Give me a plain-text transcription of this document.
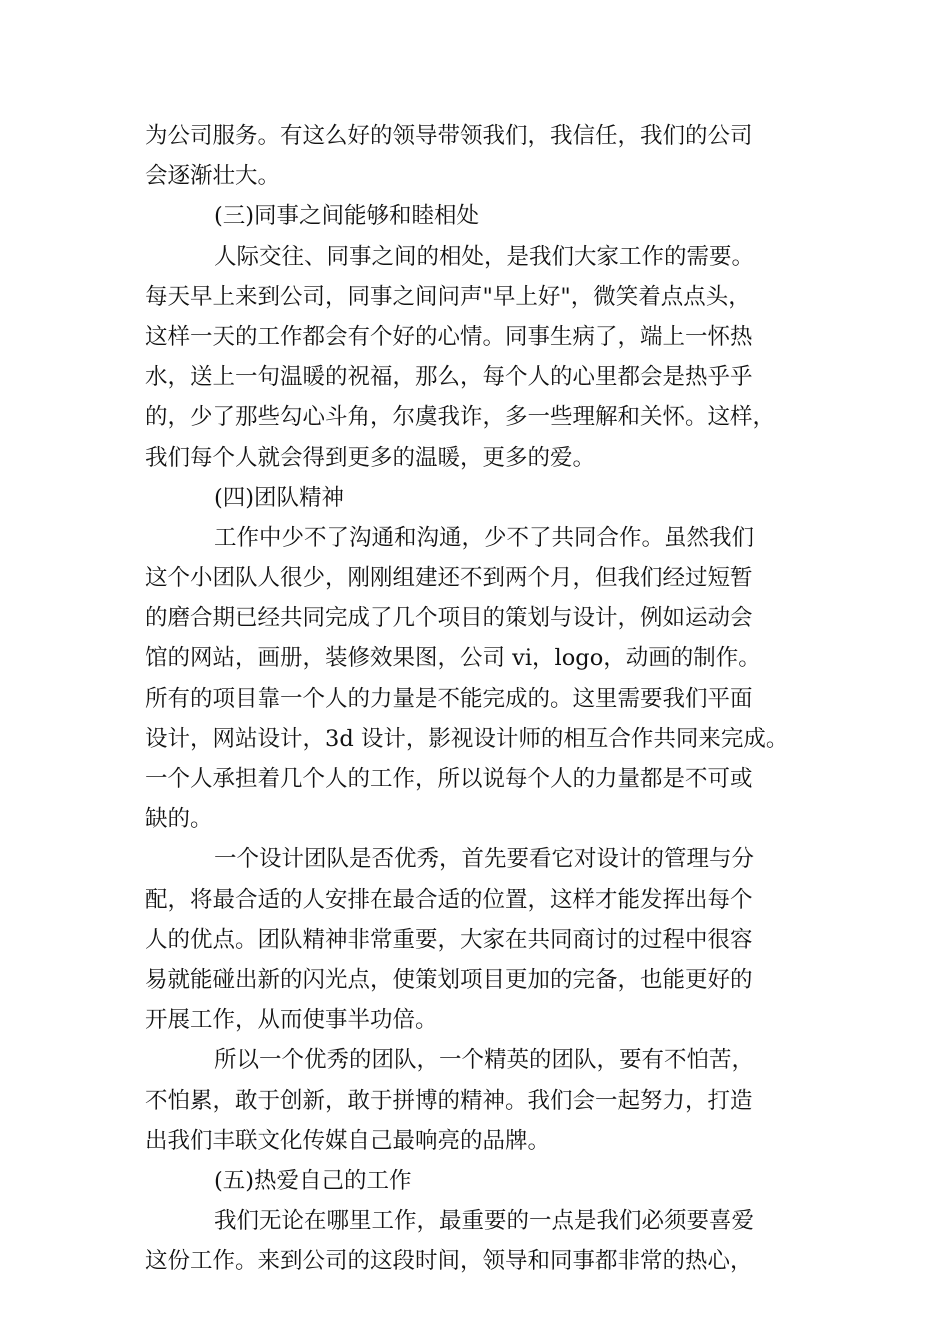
为公司服务。有这么好的领导带领我们，我信任，我们的公司
会逐渐壮大。
(三)同事之间能够和睦相处
人际交往、同事之间的相处，是我们大家工作的需要。
每天早上来到公司，同事之间问声"早上好"，微笑着点点头，
这样一天的工作都会有个好的心情。同事生病了，端上一怀热
水，送上一句温暖的祝福，那么，每个人的心里都会是热乎乎
的，少了那些勾心斗角，尔虞我诈，多一些理解和关怀。这样，
我们每个人就会得到更多的温暖，更多的爱。
(四)团队精神
工作中少不了沟通和沟通，少不了共同合作。虽然我们
这个小团队人很少，刚刚组建还不到两个月，但我们经过短暂
的磨合期已经共同完成了几个项目的策划与设计，例如运动会
馆的网站，画册，装修效果图，公司 vi，logo，动画的制作。
所有的项目靠一个人的力量是不能完成的。这里需要我们平面
设计，网站设计，3d 设计，影视设计师的相互合作共同来完成。
一个人承担着几个人的工作，所以说每个人的力量都是不可或
缺的。
一个设计团队是否优秀，首先要看它对设计的管理与分
配，将最合适的人安排在最合适的位置，这样才能发挥出每个
人的优点。团队精神非常重要，大家在共同商讨的过程中很容
易就能碰出新的闪光点，使策划项目更加的完备，也能更好的
开展工作，从而使事半功倍。
所以一个优秀的团队，一个精英的团队，要有不怕苦，
不怕累，敢于创新，敢于拼博的精神。我们会一起努力，打造
出我们丰联文化传媒自己最响亮的品牌。
(五)热爱自己的工作
我们无论在哪里工作，最重要的一点是我们必须要喜爱
这份工作。来到公司的这段时间，领导和同事都非常的热心，
